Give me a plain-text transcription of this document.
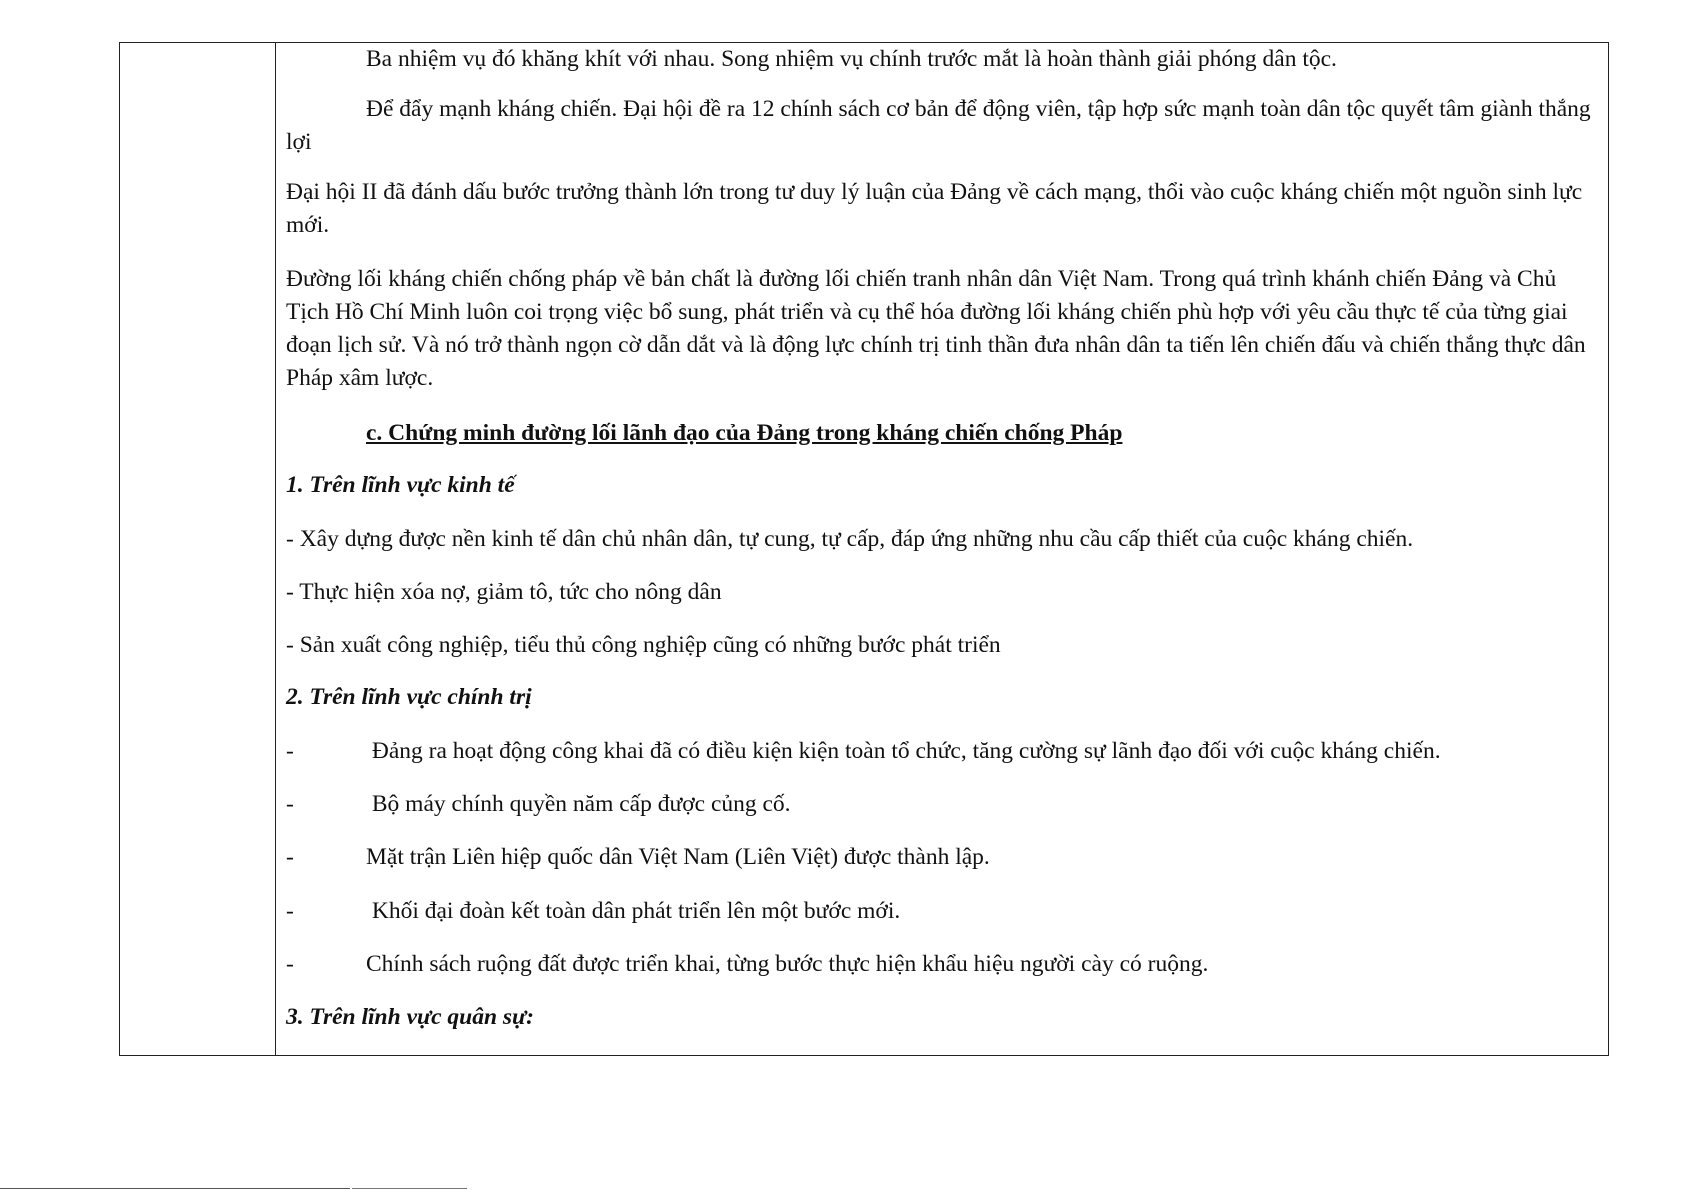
Ba nhiệm vụ đó khăng khít với nhau. Song nhiệm vụ chính trước mắt là hoàn thành giải phóng dân tộc.

Để đẩy mạnh kháng chiến. Đại hội đề ra 12 chính sách cơ bản để động viên, tập hợp sức mạnh toàn dân tộc quyết tâm giành thắng lợi

Đại hội II đã đánh dấu bước trưởng thành lớn trong tư duy lý luận của Đảng về cách mạng, thổi vào cuộc kháng chiến một nguồn sinh lực mới.

Đường lối kháng chiến chống pháp về bản chất là đường lối chiến tranh nhân dân Việt Nam. Trong quá trình khánh chiến Đảng và Chủ Tịch Hồ Chí Minh luôn coi trọng việc bổ sung, phát triển và cụ thể hóa đường lối kháng chiến phù hợp với yêu cầu thực tế của từng giai đoạn lịch sử. Và nó trở thành ngọn cờ dẫn dắt và là động lực chính trị tinh thần đưa nhân dân ta tiến lên chiến đấu và chiến thắng thực dân Pháp xâm lược.

c. Chứng minh đường lối lãnh đạo của Đảng trong kháng chiến chống Pháp

1. Trên lĩnh vực kinh tế

- Xây dựng được nền kinh tế dân chủ nhân dân, tự cung, tự cấp, đáp ứng những nhu cầu cấp thiết của cuộc kháng chiến.

- Thực hiện xóa nợ, giảm tô, tức cho nông dân

- Sản xuất công nghiệp, tiểu thủ công nghiệp cũng có những bước phát triển

2. Trên lĩnh vực chính trị

-	Đảng ra hoạt động công khai đã có điều kiện kiện toàn tổ chức, tăng cường sự lãnh đạo đối với cuộc kháng chiến.

-	Bộ máy chính quyền năm cấp được củng cố.

-	Mặt trận Liên hiệp quốc dân Việt Nam (Liên Việt) được thành lập.

-	Khối đại đoàn kết toàn dân phát triển lên một bước mới.

-	Chính sách ruộng đất được triển khai, từng bước thực hiện khẩu hiệu người cày có ruộng.

3. Trên lĩnh vực quân sự:
